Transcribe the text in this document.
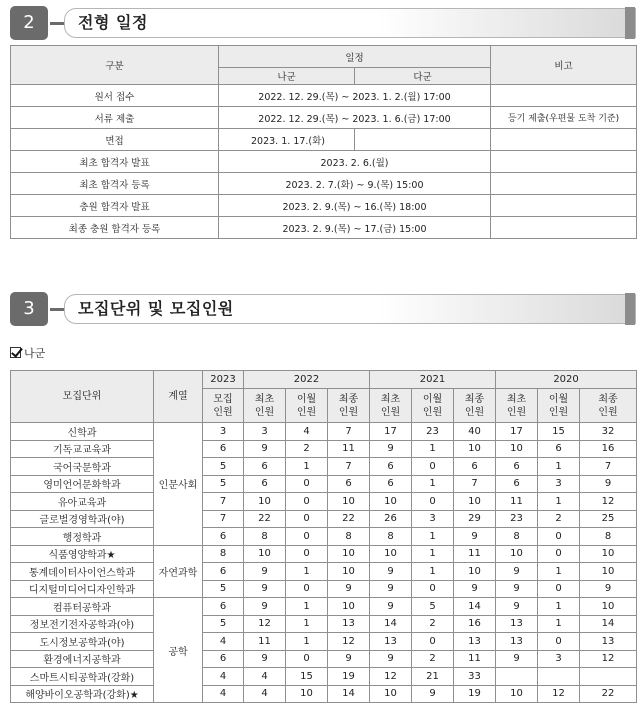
2	전형 일정
구분	일정		비고
	나군	다군	
원서 접수	2022. 12. 29.(목) ~ 2023. 1. 2.(월) 17:00		
서류 제출	2022. 12. 29.(목) ~ 2023. 1. 6.(금) 17:00		등기 제출(우편물 도착 기준)
면접	2023. 1. 17.(화)		
최초 합격자 발표	2023. 2. 6.(월)		
최초 합격자 등록	2023. 2. 7.(화) ~ 9.(목) 15:00		
충원 합격자 발표	2023. 2. 9.(목) ~ 16.(목) 18:00		
최종 충원 합격자 등록	2023. 2. 9.(목) ~ 17.(금) 15:00		
3	모집단위 및 모집인원
나군
모집단위	계열	2023	2022			2021			2020		
		모집 인원	최초 인원	이월 인원	최종 인원	최초 인원	이월 인원	최종 인원	최초 인원	이월 인원	최종 인원
신학과	인문사회	3	3	4	7	17	23	40	17	15	32
기독교교육과		6	9	2	11	9	1	10	10	6	16
국어국문학과		5	6	1	7	6	0	6	6	1	7
영미언어문화학과		5	6	0	6	6	1	7	6	3	9
유아교육과		7	10	0	10	10	0	10	11	1	12
글로벌경영학과(야)		7	22	0	22	26	3	29	23	2	25
행정학과		6	8	0	8	8	1	9	8	0	8
식품영양학과★	자연과학	8	10	0	10	10	1	11	10	0	10
통계데이터사이언스학과		6	9	1	10	9	1	10	9	1	10
디지털미디어디자인학과		5	9	0	9	9	0	9	9	0	9
컴퓨터공학과	공학	6	9	1	10	9	5	14	9	1	10
정보전기전자공학과(야)		5	12	1	13	14	2	16	13	1	14
도시정보공학과(야)		4	11	1	12	13	0	13	13	0	13
환경에너지공학과		6	9	0	9	9	2	11	9	3	12
스마트시티공학과(강화)		4	4	15	19	12	21	33			
해양바이오공학과(강화)★		4	4	10	14	10	9	19	10	12	22
